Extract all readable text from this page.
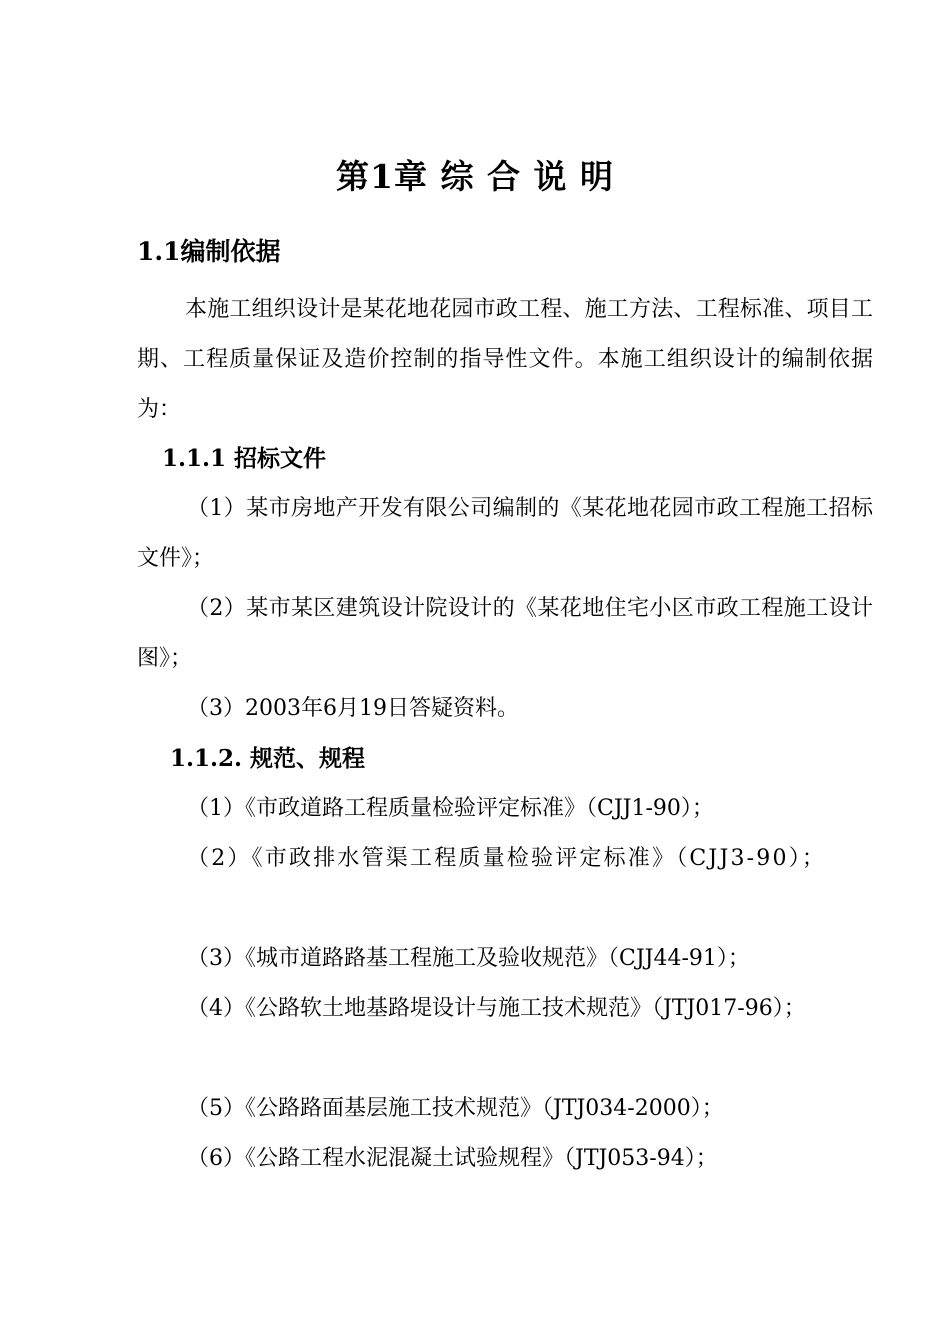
第1章 综 合 说 明
1.1编制依据

本施工组织设计是某花地花园市政工程、施工方法、工程标准、项目工期、工程质量保证及造价控制的指导性文件。本施工组织设计的编制依据为：

1.1.1 招标文件

（1）某市房地产开发有限公司编制的《某花地花园市政工程施工招标文件》；

（2）某市某区建筑设计院设计的《某花地住宅小区市政工程施工设计图》；

（3）2003年6月19日答疑资料。

1.1.2. 规范、规程

（1）《市政道路工程质量检验评定标准》（CJJ1-90）；

（2）《市政排水管渠工程质量检验评定标准》（CJJ3-90）；

（3）《城市道路路基工程施工及验收规范》（CJJ44-91）；

（4）《公路软土地基路堤设计与施工技术规范》（JTJ017-96）；

（5）《公路路面基层施工技术规范》（JTJ034-2000）；

（6）《公路工程水泥混凝土试验规程》（JTJ053-94）；
